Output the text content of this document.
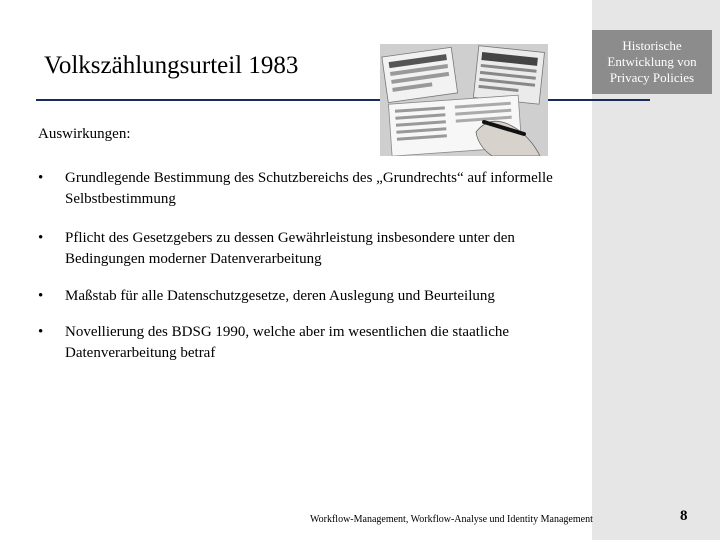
Historische
Entwicklung von
Privacy Policies
Volkszählungsurteil 1983
Auswirkungen:
• Grundlegende Bestimmung des Schutzbereichs des „Grundrechts“ auf informelle
Selbstbestimmung
• Pflicht des Gesetzgebers zu dessen Gewährleistung insbesondere unter den
Bedingungen moderner Datenverarbeitung
• Maßstab für alle Datenschutzgesetze, deren Auslegung und Beurteilung
• Novellierung des BDSG 1990, welche aber im wesentlichen die staatliche
Datenverarbeitung betraf
Workflow-Management, Workflow-Analyse und Identity Management	8
